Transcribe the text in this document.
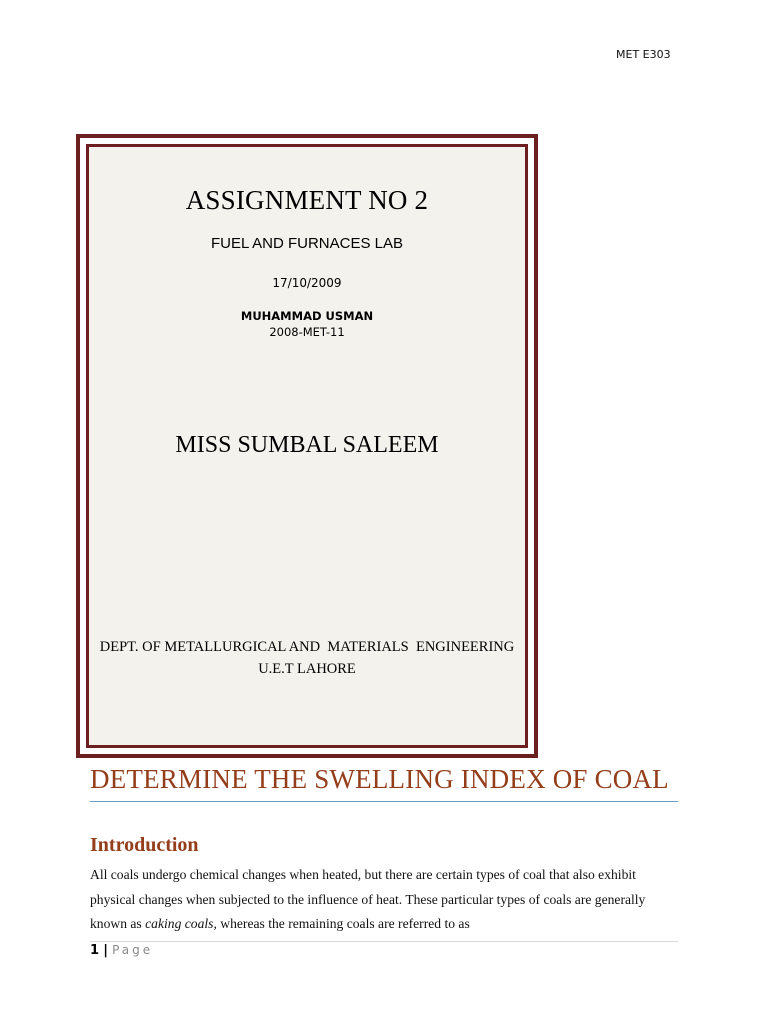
MET E303
ASSIGNMENT NO 2
FUEL AND FURNACES LAB
17/10/2009
MUHAMMAD USMAN
2008-MET-11
MISS SUMBAL SALEEM
DEPT. OF METALLURGICAL AND  MATERIALS  ENGINEERING
U.E.T LAHORE
DETERMINE THE SWELLING INDEX OF COAL
Introduction
All coals undergo chemical changes when heated, but there are certain types of coal that also exhibit physical changes when subjected to the influence of heat. These particular types of coals are generally known as caking coals, whereas the remaining coals are referred to as
1 | Page
